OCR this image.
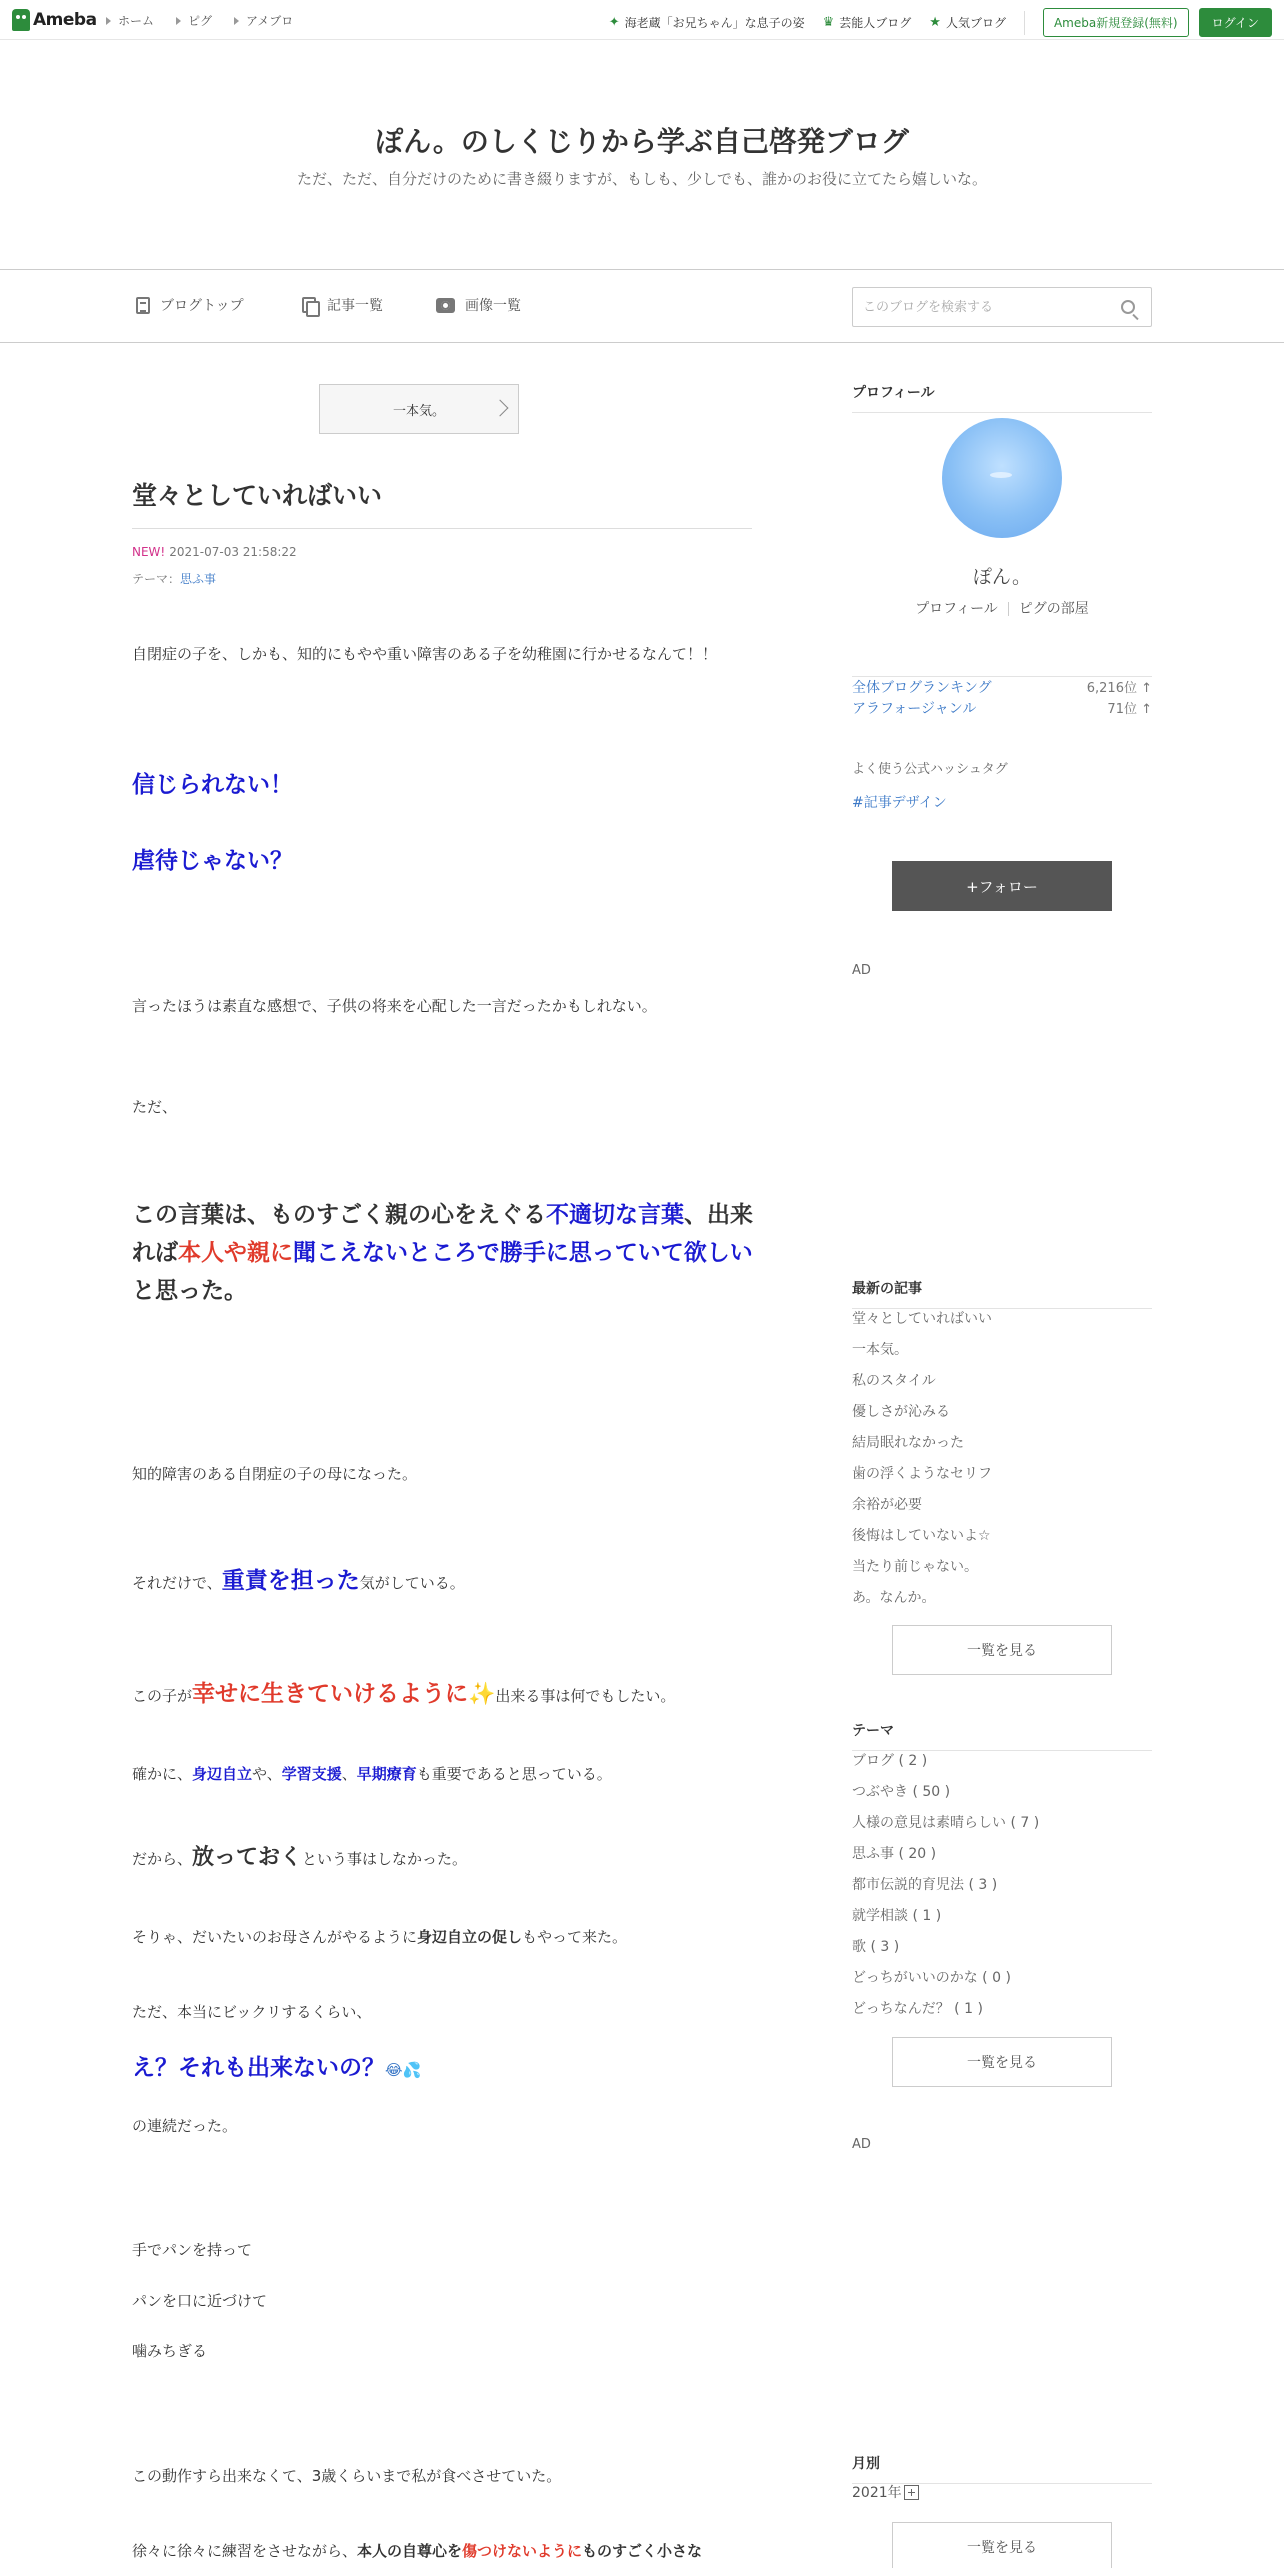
Ameba ホーム	ピグ	アメブロ	✦ 海老蔵「お兄ちゃん」な息子の姿 ♛ 芸能人ブログ ★ 人気ブログ	Ameba新規登録(無料)	ログイン
ぽん。のしくじりから学ぶ自己啓発ブログ
ただ、ただ、自分だけのために書き綴りますが、もしも、少しでも、誰かのお役に立てたら嬉しいな。
ブログトップ	記事一覧	画像一覧
このブログを検索する
一本気。
堂々としていればいい
NEW! 2021-07-03 21:58:22
テーマ：思ふ事
自閉症の子を、しかも、知的にもやや重い障害のある子を幼稚園に行かせるなんて！！
信じられない！
虐待じゃない？
言ったほうは素直な感想で、子供の将来を心配した一言だったかもしれない。
ただ、
この言葉は、ものすごく親の心をえぐる不適切な言葉、出来れば本人や親に聞こえないところで勝手に思っていて欲しいと思った。
知的障害のある自閉症の子の母になった。
それだけで、重責を担った気がしている。
この子が幸せに生きていけるように✨出来る事は何でもしたい。
確かに、身辺自立や、学習支援、早期療育も重要であると思っている。
だから、放っておくという事はしなかった。
そりゃ、だいたいのお母さんがやるように身辺自立の促しもやって来た。
ただ、本当にビックリするくらい、
え？それも出来ないの？😂💦
の連続だった。
手でパンを持って
パンを口に近づけて
噛みちぎる
この動作すら出来なくて、3歳くらいまで私が食べさせていた。
徐々に徐々に練習をさせながら、本人の自尊心を傷つけないようにものすごく小さな
プロフィール
ぽん。
プロフィール ピグの部屋
全体ブログランキング	6,216位 ↑
アラフォージャンル	71位 ↑
よく使う公式ハッシュタグ
#記事デザイン
+フォロー
AD
最新の記事
堂々としていればいい
一本気。
私のスタイル
優しさが沁みる
結局眠れなかった
歯の浮くようなセリフ
余裕が必要
後悔はしていないよ☆
当たり前じゃない。
あ。なんか。
一覧を見る
テーマ
ブログ ( 2 )
つぶやき ( 50 )
人様の意見は素晴らしい ( 7 )
思ふ事 ( 20 )
都市伝説的育児法 ( 3 )
就学相談 ( 1 )
歌 ( 3 )
どっちがいいのかな ( 0 )
どっちなんだ？ ( 1 )
一覧を見る
AD
月別
2021年
一覧を見る
